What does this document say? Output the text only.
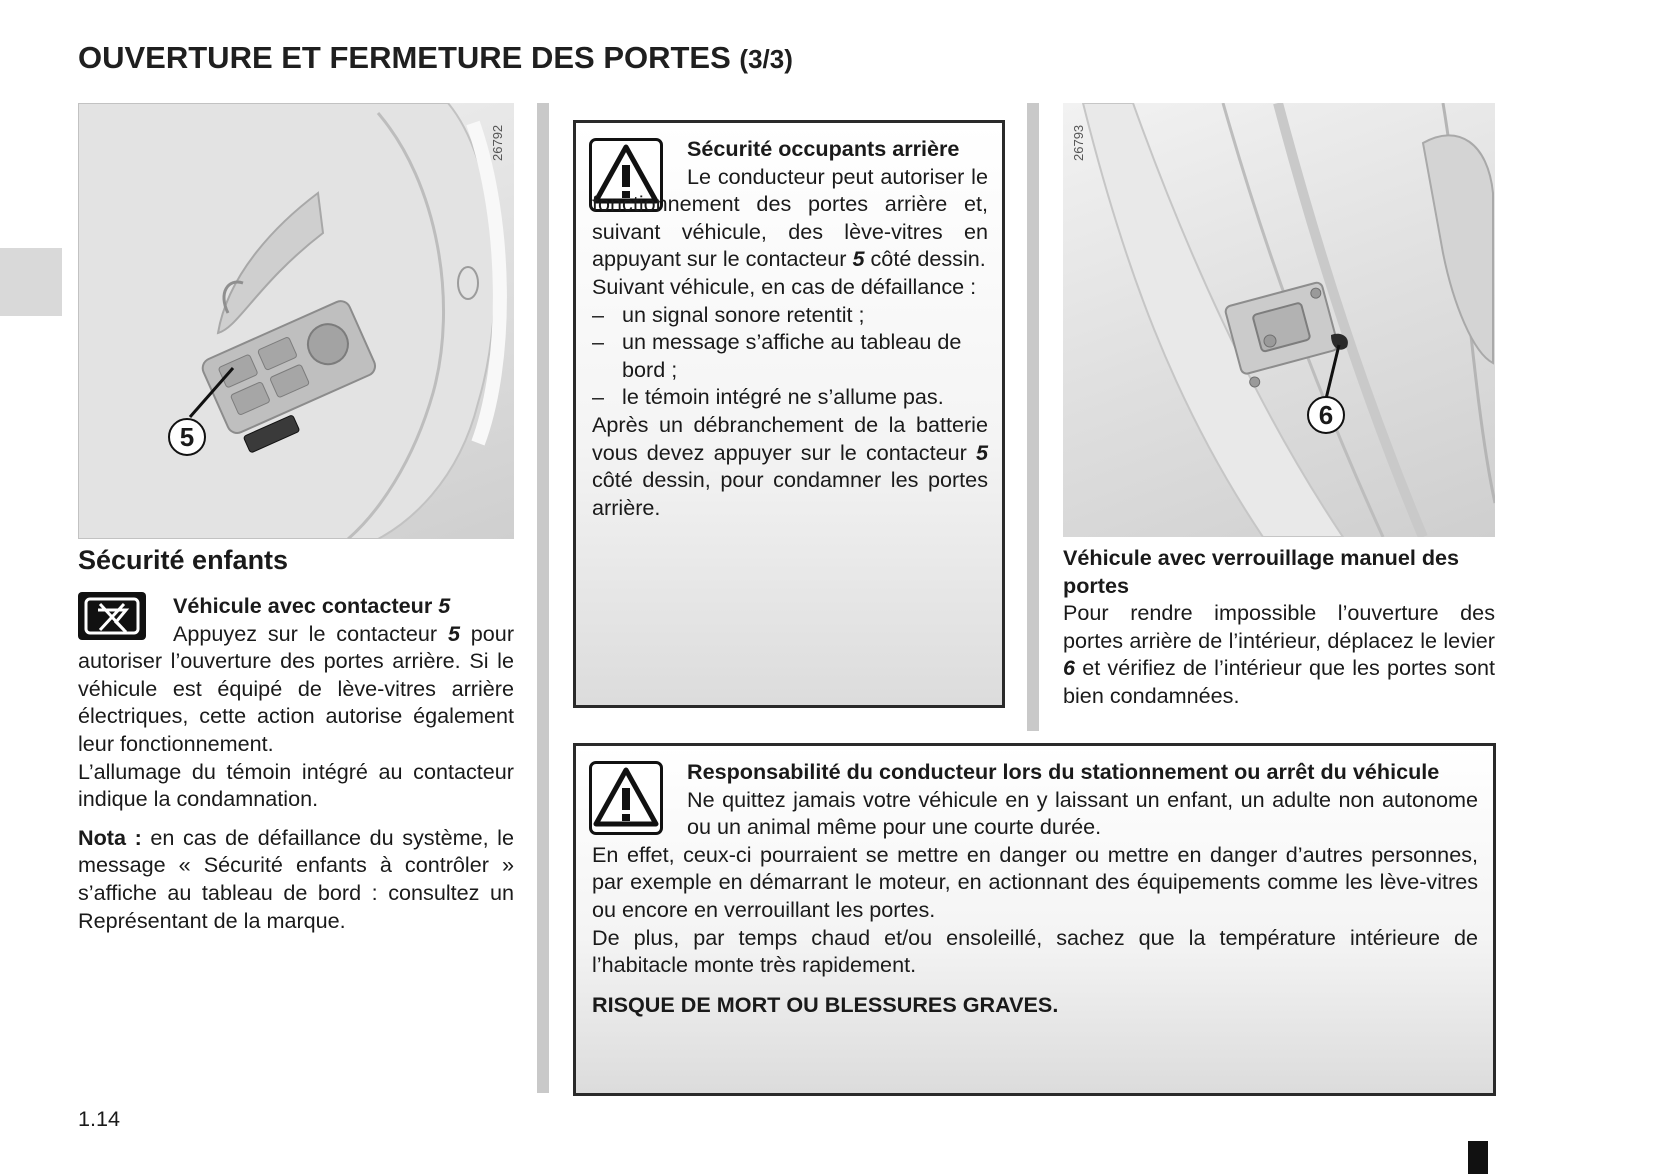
OUVERTURE ET FERMETURE DES PORTES (3/3)
26792
5
Sécurité enfants
Véhicule avec contacteur 5
Appuyez sur le contacteur 5 pour autoriser l’ouverture des portes arrière. Si le véhicule est équipé de lève-vitres arrière électriques, cette action autorise également leur fonctionnement.
L’allumage du témoin intégré au contacteur indique la condamnation.
Nota : en cas de défaillance du système, le message « Sécurité enfants à contrôler » s’affiche au tableau de bord : consultez un Représentant de la marque.
Sécurité occupants arrière
Le conducteur peut autoriser le fonctionnement des portes arrière et, suivant véhicule, des lève-vitres en appuyant sur le contacteur 5 côté dessin.
Suivant véhicule, en cas de défaillance :
–   un signal sonore retentit ;
–   un message s’affiche au tableau de bord ;
–   le témoin intégré ne s’allume pas.
Après un débranchement de la batterie vous devez appuyer sur le contacteur 5 côté dessin, pour condamner les portes arrière.
26793
6
Véhicule avec verrouillage manuel des portes
Pour rendre impossible l’ouverture des portes arrière de l’intérieur, déplacez le levier 6 et vérifiez de l’intérieur que les portes sont bien condamnées.
Responsabilité du conducteur lors du stationnement ou arrêt du véhicule
Ne quittez jamais votre véhicule en y laissant un enfant, un adulte non autonome ou un animal même pour une courte durée.
En effet, ceux-ci pourraient se mettre en danger ou mettre en danger d’autres personnes, par exemple en démarrant le moteur, en actionnant des équipements comme les lève-vitres ou encore en verrouillant les portes.
De plus, par temps chaud et/ou ensoleillé, sachez que la température intérieure de l’habitacle monte très rapidement.
RISQUE DE MORT OU BLESSURES GRAVES.
1.14
